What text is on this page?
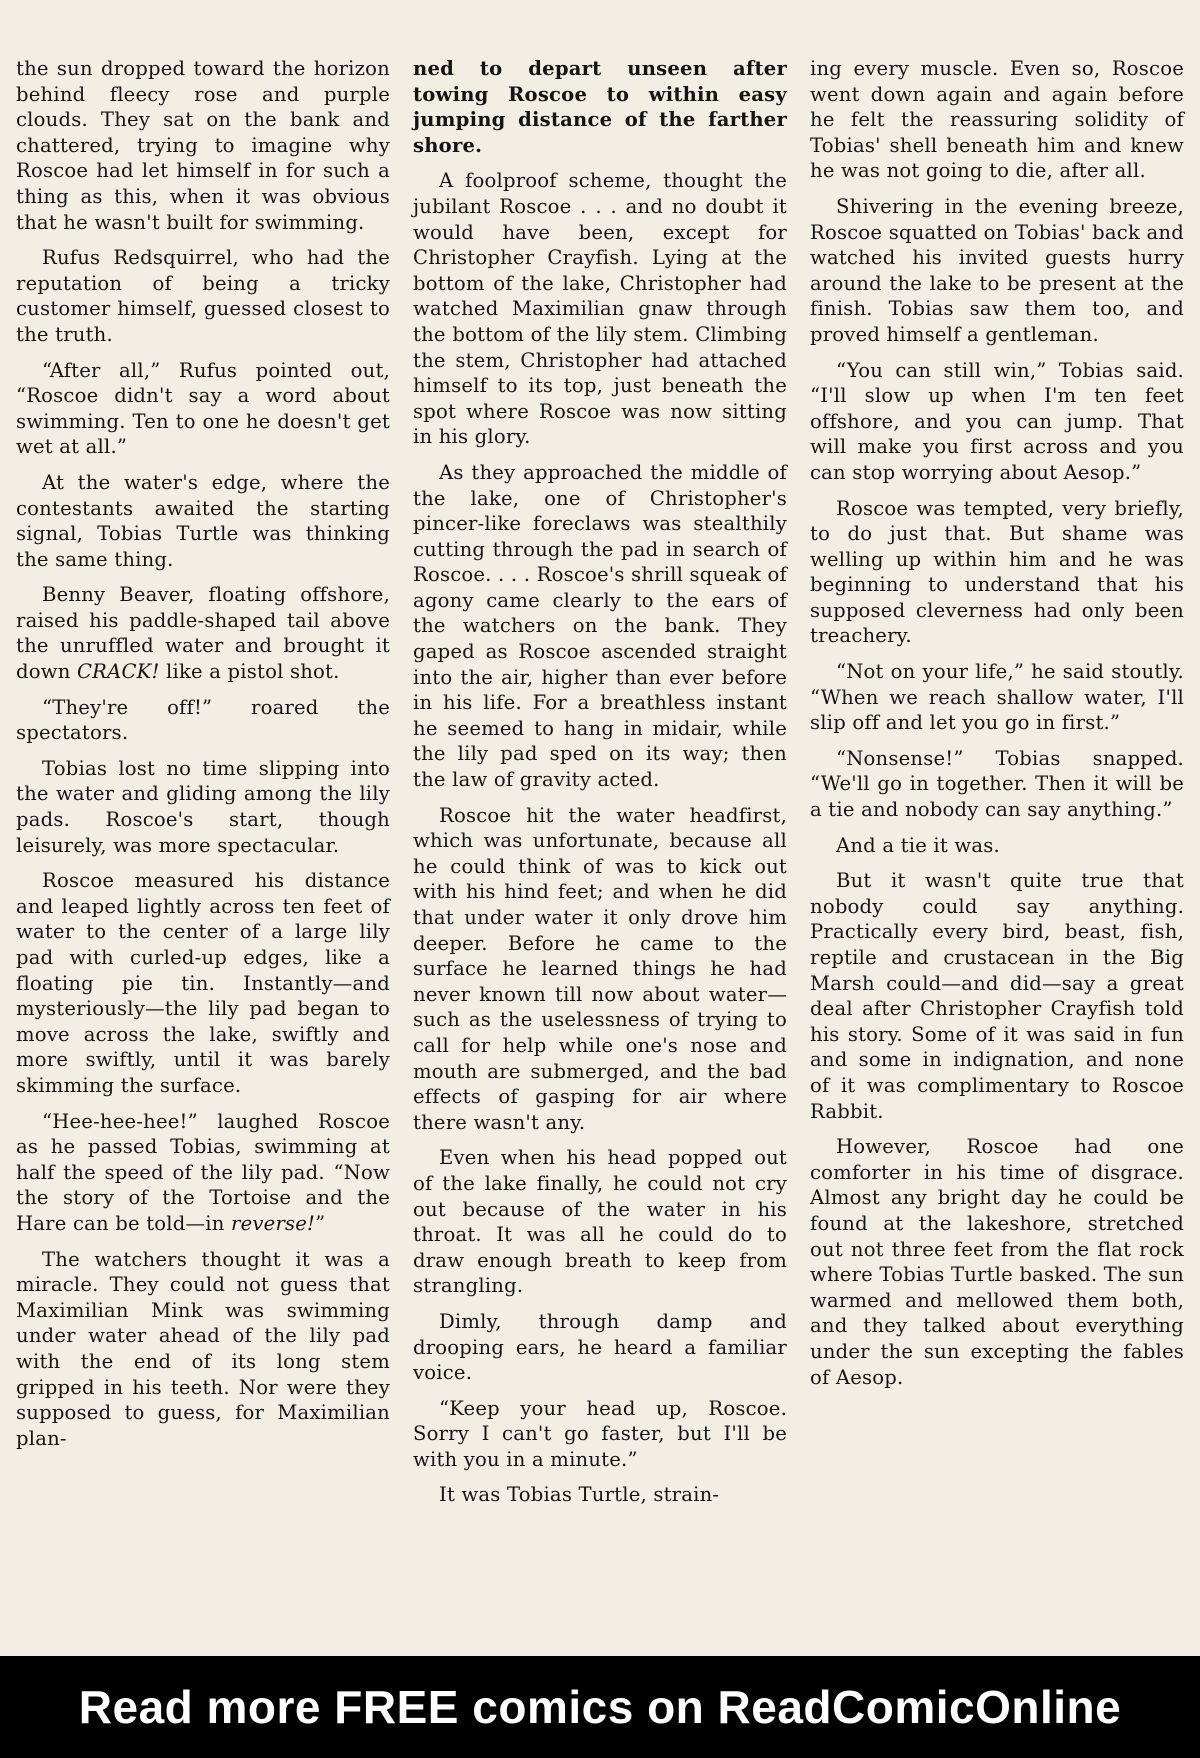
the sun dropped toward the horizon behind fleecy rose and purple clouds. They sat on the bank and chattered, trying to imagine why Roscoe had let himself in for such a thing as this, when it was obvious that he wasn't built for swimming.

Rufus Redsquirrel, who had the reputation of being a tricky customer himself, guessed closest to the truth.

“After all,” Rufus pointed out, “Roscoe didn't say a word about swimming. Ten to one he doesn't get wet at all.”

At the water's edge, where the contestants awaited the starting signal, Tobias Turtle was thinking the same thing.

Benny Beaver, floating offshore, raised his paddle-shaped tail above the unruffled water and brought it down CRACK! like a pistol shot.

“They're off!” roared the spectators.

Tobias lost no time slipping into the water and gliding among the lily pads. Roscoe's start, though leisurely, was more spectacular.

Roscoe measured his distance and leaped lightly across ten feet of water to the center of a large lily pad with curled-up edges, like a floating pie tin. Instantly—and mysteriously—the lily pad began to move across the lake, swiftly and more swiftly, until it was barely skimming the surface.

“Hee-hee-hee!” laughed Roscoe as he passed Tobias, swimming at half the speed of the lily pad. “Now the story of the Tortoise and the Hare can be told—in reverse!”

The watchers thought it was a miracle. They could not guess that Maximilian Mink was swimming under water ahead of the lily pad with the end of its long stem gripped in his teeth. Nor were they supposed to guess, for Maximilian plan-

ned to depart unseen after towing Roscoe to within easy jumping distance of the farther shore.

A foolproof scheme, thought the jubilant Roscoe . . . and no doubt it would have been, except for Christopher Crayfish. Lying at the bottom of the lake, Christopher had watched Maximilian gnaw through the bottom of the lily stem. Climbing the stem, Christopher had attached himself to its top, just beneath the spot where Roscoe was now sitting in his glory.

As they approached the middle of the lake, one of Christopher's pincer-like foreclaws was stealthily cutting through the pad in search of Roscoe. . . . Roscoe's shrill squeak of agony came clearly to the ears of the watchers on the bank. They gaped as Roscoe ascended straight into the air, higher than ever before in his life. For a breathless instant he seemed to hang in midair, while the lily pad sped on its way; then the law of gravity acted.

Roscoe hit the water headfirst, which was unfortunate, because all he could think of was to kick out with his hind feet; and when he did that under water it only drove him deeper. Before he came to the surface he learned things he had never known till now about water—such as the uselessness of trying to call for help while one's nose and mouth are submerged, and the bad effects of gasping for air where there wasn't any.

Even when his head popped out of the lake finally, he could not cry out because of the water in his throat. It was all he could do to draw enough breath to keep from strangling.

Dimly, through damp and drooping ears, he heard a familiar voice.

“Keep your head up, Roscoe. Sorry I can't go faster, but I'll be with you in a minute.”

It was Tobias Turtle, strain-

ing every muscle. Even so, Roscoe went down again and again before he felt the reassuring solidity of Tobias' shell beneath him and knew he was not going to die, after all.

Shivering in the evening breeze, Roscoe squatted on Tobias' back and watched his invited guests hurry around the lake to be present at the finish. Tobias saw them too, and proved himself a gentleman.

“You can still win,” Tobias said. “I'll slow up when I'm ten feet offshore, and you can jump. That will make you first across and you can stop worrying about Aesop.”

Roscoe was tempted, very briefly, to do just that. But shame was welling up within him and he was beginning to understand that his supposed cleverness had only been treachery.

“Not on your life,” he said stoutly. “When we reach shallow water, I'll slip off and let you go in first.”

“Nonsense!” Tobias snapped. “We'll go in together. Then it will be a tie and nobody can say anything.”

And a tie it was.

But it wasn't quite true that nobody could say anything. Practically every bird, beast, fish, reptile and crustacean in the Big Marsh could—and did—say a great deal after Christopher Crayfish told his story. Some of it was said in fun and some in indignation, and none of it was complimentary to Roscoe Rabbit.

However, Roscoe had one comforter in his time of disgrace. Almost any bright day he could be found at the lakeshore, stretched out not three feet from the flat rock where Tobias Turtle basked. The sun warmed and mellowed them both, and they talked about everything under the sun excepting the fables of Aesop.

Read more FREE comics on ReadComicOnline
